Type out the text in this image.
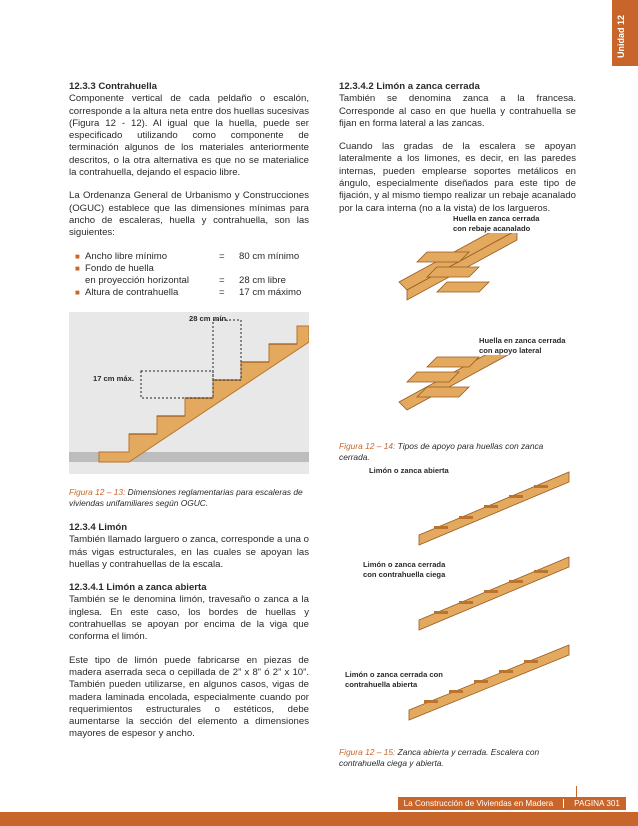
Unidad 12
12.3.3 Contrahuella

Componente vertical de cada peldaño o escalón, corresponde a la altura neta entre dos huellas sucesivas (Figura 12 - 12). Al igual que la huella, puede ser especificado utilizando como componente de terminación algunos de los materiales anteriormente descritos, o la otra alternativa es que no se materialice la contrahuella, dejando el espacio libre.

La Ordenanza General de Urbanismo y Construcciones (OGUC) establece que las dimensiones mínimas para ancho de escaleras, huella y contrahuella, son las siguientes:

■ Ancho libre mínimo	=	80 cm mínimo
■ Fondo de huella
en proyección horizontal	=	28 cm libre
■ Altura de contrahuella	=	17 cm máximo
28 cm mín.
17 cm máx.
Figura 12 – 13: Dimensiones reglamentarias para escaleras de viviendas unifamiliares según OGUC.
12.3.4 Limón

También llamado larguero o zanca, corresponde a una o más vigas estructurales, en las cuales se apoyan las huellas y contrahuellas de la escala.

12.3.4.1 Limón a zanca abierta

También se le denomina limón, travesaño o zanca a la inglesa. En este caso, los bordes de huellas y contrahuellas se apoyan por encima de la viga que conforma el limón.

Este tipo de limón puede fabricarse en piezas de madera aserrada seca o cepillada de 2” x 8” ó 2” x 10”. También pueden utilizarse, en algunos casos, vigas de madera laminada encolada, especialmente cuando por requerimientos estructurales o estéticos, debe aumentarse la sección del elemento a dimensiones mayores de espesor y ancho.

12.3.4.2 Limón a zanca cerrada

También se denomina zanca a la francesa. Corresponde al caso en que huella y contrahuella se fijan en forma lateral a las zancas.

Cuando las gradas de la escalera se apoyan lateralmente a los limones, es decir, en las paredes internas, pueden emplearse soportes metálicos en ángulo, especialmente diseñados para este tipo de fijación, y al mismo tiempo realizar un rebaje acanalado por la cara interna (no a la vista) de los largueros.

Huella en zanca cerrada con rebaje acanalado
Huella en zanca cerrada con apoyo lateral
Figura 12 – 14: Tipos de apoyo para huellas con zanca cerrada.
Limón o zanca abierta
Limón o zanca cerrada con contrahuella ciega
Limón o zanca cerrada con contrahuella abierta
Figura 12 – 15: Zanca abierta y cerrada. Escalera con contrahuella ciega y abierta.
La Construcción de Viviendas en Madera	PAGINA 301
